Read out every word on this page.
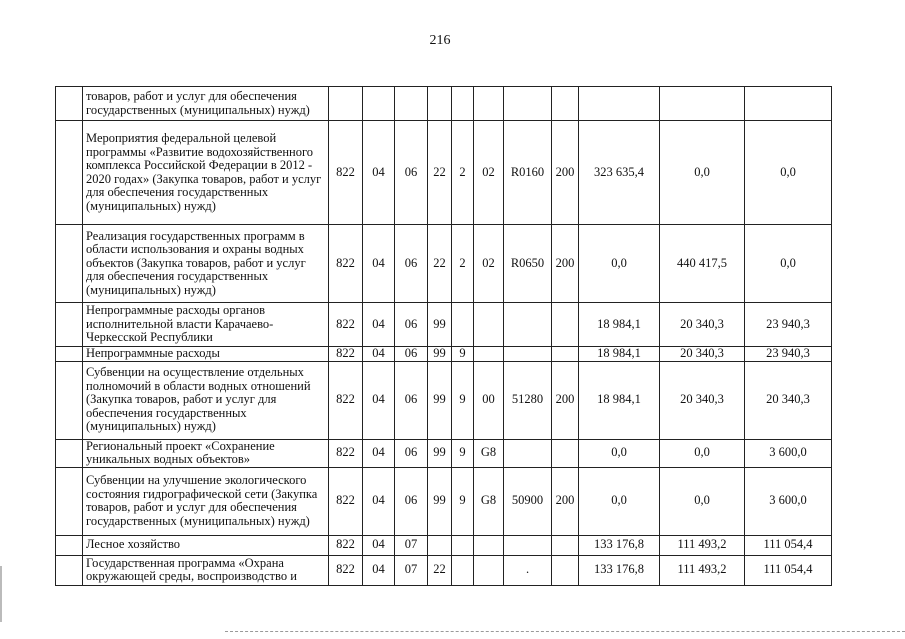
216
	товаров, работ и услуг для обеспечения государственных (муниципальных) нужд)											
	Мероприятия федеральной целевой программы «Развитие водохозяйственного комплекса Российской Федерации в 2012 - 2020 годах» (Закупка товаров, работ и услуг для обеспечения государственных (муниципальных) нужд)	822	04	06	22	2	02	R0160	200	323 635,4	0,0	0,0
	Реализация государственных программ в области использования и охраны водных объектов (Закупка товаров, работ и услуг для обеспечения государственных (муниципальных) нужд)	822	04	06	22	2	02	R0650	200	0,0	440 417,5	0,0
	Непрограммные расходы органов исполнительной власти Карачаево-Черкесской Республики	822	04	06	99					18 984,1	20 340,3	23 940,3
	Непрограммные расходы	822	04	06	99	9				18 984,1	20 340,3	23 940,3
	Субвенции на осуществление отдельных полномочий в области водных отношений (Закупка товаров, работ и услуг для обеспечения государственных (муниципальных) нужд)	822	04	06	99	9	00	51280	200	18 984,1	20 340,3	20 340,3
	Региональный проект «Сохранение уникальных водных объектов»	822	04	06	99	9	G8			0,0	0,0	3 600,0
	Субвенции на улучшение экологического состояния гидрографической сети (Закупка товаров, работ и услуг для обеспечения государственных (муниципальных) нужд)	822	04	06	99	9	G8	50900	200	0,0	0,0	3 600,0
	Лесное хозяйство	822	04	07						133 176,8	111 493,2	111 054,4
	Государственная программа «Охрана окружающей среды, воспроизводство и	822	04	07	22			.		133 176,8	111 493,2	111 054,4
